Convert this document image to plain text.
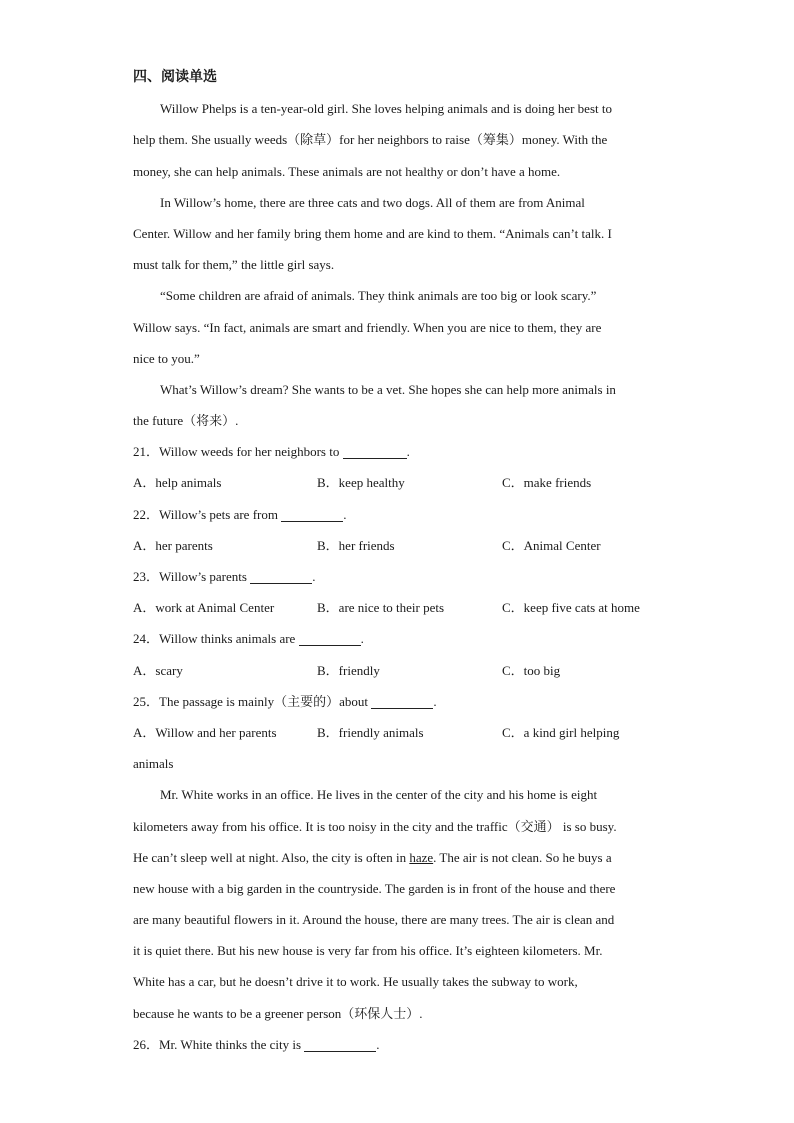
四、阅读单选
Willow Phelps is a ten-year-old girl. She loves helping animals and is doing her best to
help them. She usually weeds（除草）for her neighbors to raise（筹集）money. With the
money, she can help animals. These animals are not healthy or don’t have a home.
In Willow’s home, there are three cats and two dogs. All of them are from Animal
Center. Willow and her family bring them home and are kind to them. “Animals can’t talk. I
must talk for them,” the little girl says.
“Some children are afraid of animals. They think animals are too big or look scary.”
Willow says. “In fact, animals are smart and friendly. When you are nice to them, they are
nice to you.”
What’s Willow’s dream? She wants to be a vet. She hopes she can help more animals in
the future（将来）.
21．Willow weeds for her neighbors to	.
A．help animals	B．keep healthy	C．make friends
22．Willow’s pets are from	.
A．her parents	B．her friends	C．Animal Center
23．Willow’s parents	.
A．work at Animal Center	B．are nice to their pets	C．keep five cats at home
24．Willow thinks animals are	.
A．scary	B．friendly	C．too big
25．The passage is mainly（主要的）about	.
A．Willow and her parents	B．friendly animals	C．a kind girl helping
animals
Mr. White works in an office. He lives in the center of the city and his home is eight
kilometers away from his office. It is too noisy in the city and the traffic（交通） is so busy.
He can’t sleep well at night. Also, the city is often in haze. The air is not clean. So he buys a
new house with a big garden in the countryside. The garden is in front of the house and there
are many beautiful flowers in it. Around the house, there are many trees. The air is clean and
it is quiet there. But his new house is very far from his office. It’s eighteen kilometers. Mr.
White has a car, but he doesn’t drive it to work. He usually takes the subway to work,
because he wants to be a greener person（环保人士）.
26．Mr. White thinks the city is	.
